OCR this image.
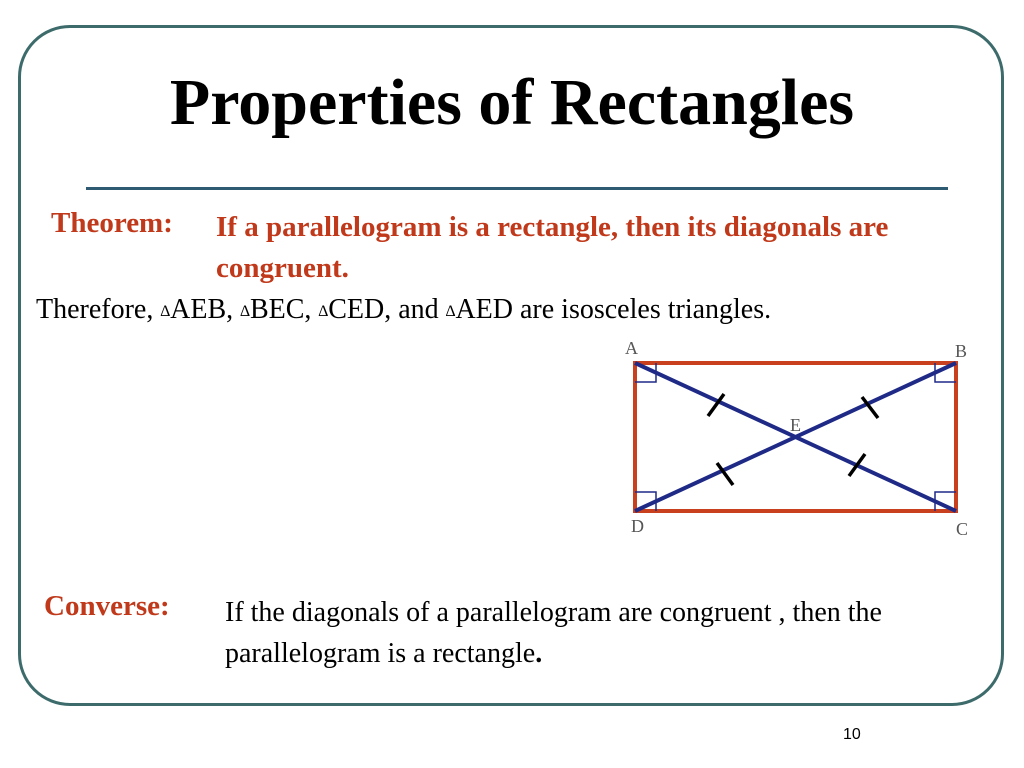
Properties of Rectangles
Theorem: If a parallelogram is a rectangle, then its diagonals are congruent.
Therefore, ∆AEB, ∆BEC, ∆CED, and ∆AED are isosceles triangles.
A	B
D	C
E
Converse: If the diagonals of a parallelogram are congruent , then the parallelogram is a rectangle.
10
